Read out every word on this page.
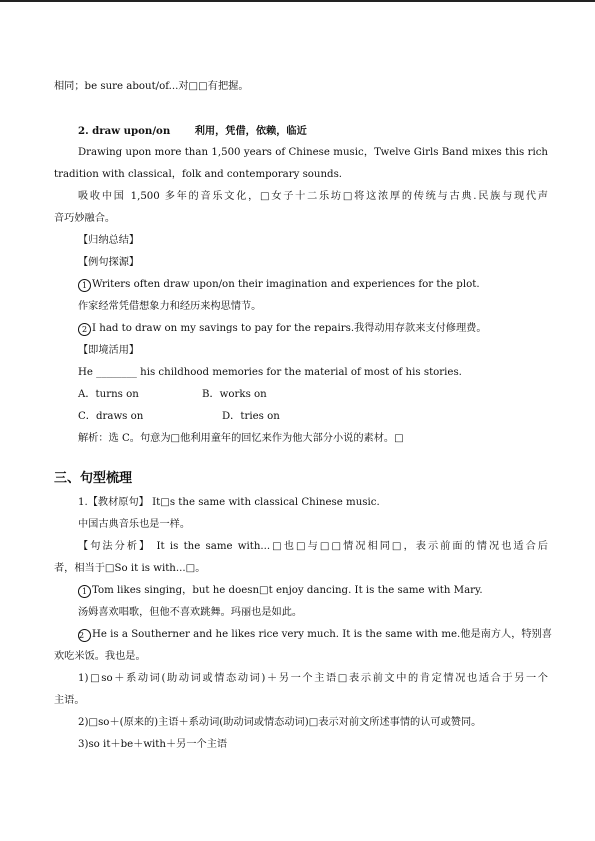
相同；be sure about/of...对□□有把握。
2. draw upon/on 利用，凭借，依赖，临近
Drawing upon more than 1,500 years of Chinese music，Twelve Girls Band mixes this rich
tradition with classical，folk and contemporary sounds.
吸收中国 1,500 多年的音乐文化，□女子十二乐坊□将这浓厚的传统与古典.民族与现代声
音巧妙融合。
【归纳总结】
【例句探源】
1 Writers often draw upon/on their imagination and experiences for the plot.
作家经常凭借想象力和经历来构思情节。
2 I had to draw on my savings to pay for the repairs.我得动用存款来支付修理费。
【即境活用】
He ________ his childhood memories for the material of most of his stories.
A．turns on	B．works on
C．draws on	D．tries on
解析：选 C。句意为□他利用童年的回忆来作为他大部分小说的素材。□
三、句型梳理
1.【教材原句】 It□s the same with classical Chinese music.
中国古典音乐也是一样。
【句法分析】 It is the same with...□也□与□□情况相同□，表示前面的情况也适合后
者，相当于□So it is with...□。
1 Tom likes singing，but he doesn□t enjoy dancing. It is the same with Mary.
汤姆喜欢唱歌，但他不喜欢跳舞。玛丽也是如此。
2 He is a Southerner and he likes rice very much. It is the same with me.他是南方人，特别喜
欢吃米饭。我也是。
1)□so＋系动词(助动词或情态动词)＋另一个主语□表示前文中的肯定情况也适合于另一个
主语。
2)□so＋(原来的)主语＋系动词(助动词或情态动词)□表示对前文所述事情的认可或赞同。
3)so it＋be＋with＋另一个主语
